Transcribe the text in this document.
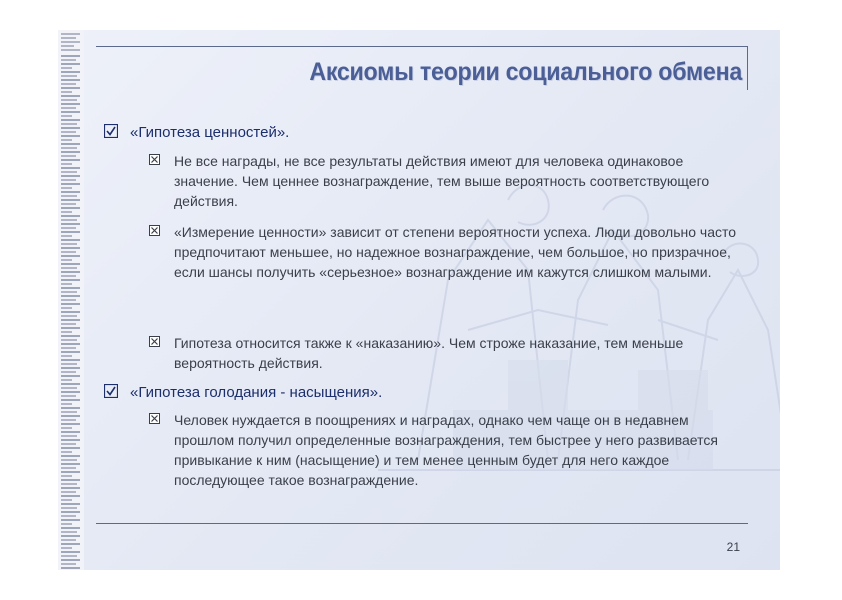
Аксиомы теории социального обмена
«Гипотеза ценностей».
Не все награды, не все результаты действия имеют для человека одинаковое значение. Чем ценнее вознаграждение, тем выше вероятность соответствующего действия.
«Измерение ценности» зависит от степени вероятности успеха. Люди довольно часто предпочитают меньшее, но надежное вознаграждение, чем большое, но призрачное, если шансы получить «серьезное» вознаграждение им кажутся слишком малыми.
Гипотеза относится также к «наказанию». Чем строже наказание, тем меньше вероятность действия.
«Гипотеза голодания - насыщения».
Человек нуждается в поощрениях и наградах, однако чем чаще он в недавнем прошлом получил определенные вознаграждения, тем быстрее у него развивается привыкание к ним (насыщение) и тем менее ценным будет для него каждое последующее такое вознаграждение.
21
